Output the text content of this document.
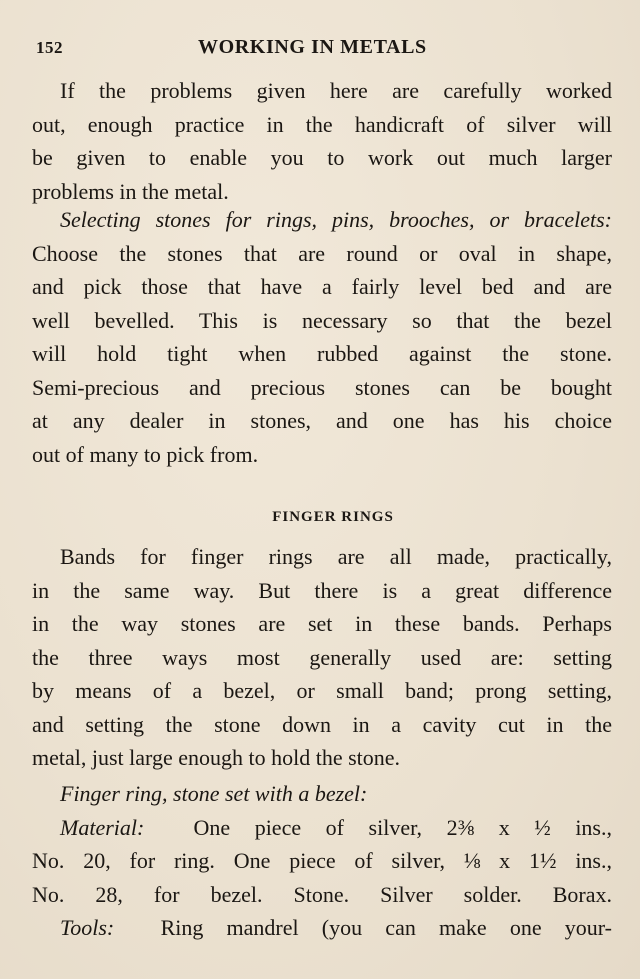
152	WORKING IN METALS
If the problems given here are carefully worked
out, enough practice in the handicraft of silver will
be given to enable you to work out much larger
problems in the metal.
Selecting stones for rings, pins, brooches, or bracelets:
Choose the stones that are round or oval in shape,
and pick those that have a fairly level bed and are
well bevelled. This is necessary so that the bezel
will hold tight when rubbed against the stone.
Semi-precious and precious stones can be bought
at any dealer in stones, and one has his choice
out of many to pick from.
FINGER RINGS
Bands for finger rings are all made, practically,
in the same way. But there is a great difference
in the way stones are set in these bands. Perhaps
the three ways most generally used are: setting
by means of a bezel, or small band; prong setting,
and setting the stone down in a cavity cut in the
metal, just large enough to hold the stone.
Finger ring, stone set with a bezel:
Material: One piece of silver, 2⅜ x ½ ins.,
No. 20, for ring. One piece of silver, ⅛ x 1½ ins.,
No. 28, for bezel. Stone. Silver solder. Borax.
Tools: Ring mandrel (you can make one your-
